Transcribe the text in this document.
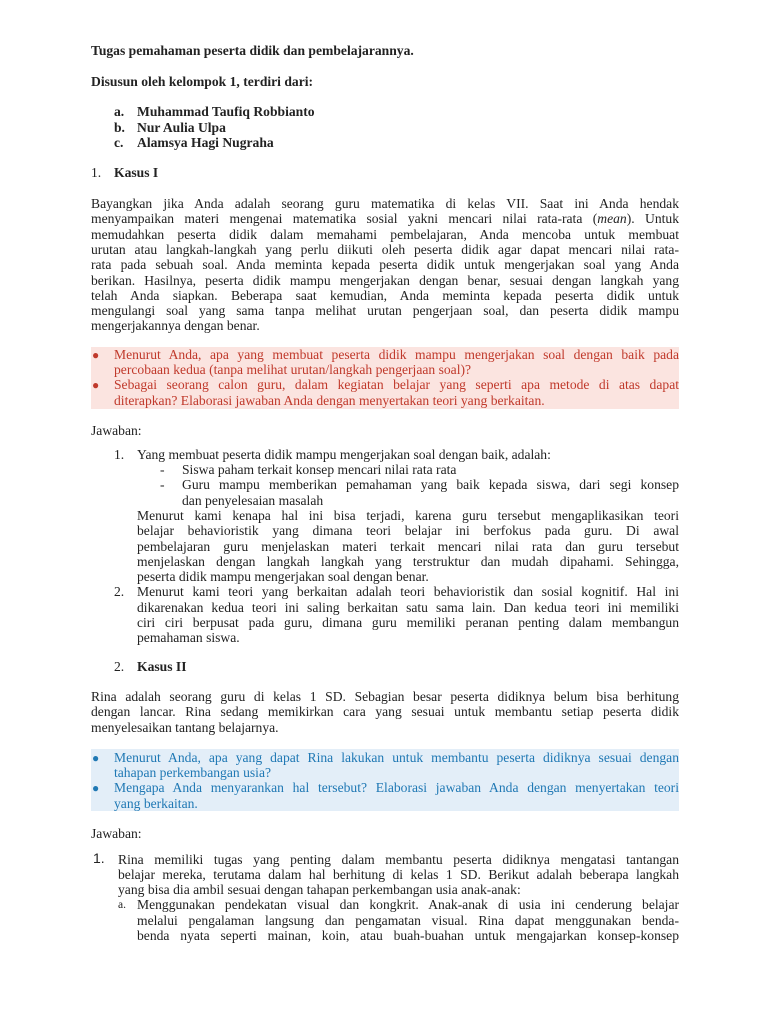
Tugas pemahaman peserta didik dan pembelajarannya.
Disusun oleh kelompok 1, terdiri dari:
a. Muhammad Taufiq Robbianto
b. Nur Aulia Ulpa
c. Alamsya Hagi Nugraha
1. Kasus I
Bayangkan jika Anda adalah seorang guru matematika di kelas VII. Saat ini Anda hendak
menyampaikan materi mengenai matematika sosial yakni mencari nilai rata-rata (mean). Untuk
memudahkan peserta didik dalam memahami pembelajaran, Anda mencoba untuk membuat
urutan atau langkah-langkah yang perlu diikuti oleh peserta didik agar dapat mencari nilai rata-
rata pada sebuah soal. Anda meminta kepada peserta didik untuk mengerjakan soal yang Anda
berikan. Hasilnya, peserta didik mampu mengerjakan dengan benar, sesuai dengan langkah yang
telah Anda siapkan. Beberapa saat kemudian, Anda meminta kepada peserta didik untuk
mengulangi soal yang sama tanpa melihat urutan pengerjaan soal, dan peserta didik mampu
mengerjakannya dengan benar.
● Menurut Anda, apa yang membuat peserta didik mampu mengerjakan soal dengan baik pada
percobaan kedua (tanpa melihat urutan/langkah pengerjaan soal)?
● Sebagai seorang calon guru, dalam kegiatan belajar yang seperti apa metode di atas dapat
diterapkan? Elaborasi jawaban Anda dengan menyertakan teori yang berkaitan.
Jawaban:
1. Yang membuat peserta didik mampu mengerjakan soal dengan baik, adalah:
- Siswa paham terkait konsep mencari nilai rata rata
- Guru mampu memberikan pemahaman yang baik kepada siswa, dari segi konsep
dan penyelesaian masalah
Menurut kami kenapa hal ini bisa terjadi, karena guru tersebut mengaplikasikan teori
belajar behavioristik yang dimana teori belajar ini berfokus pada guru. Di awal
pembelajaran guru menjelaskan materi terkait mencari nilai rata dan guru tersebut
menjelaskan dengan langkah langkah yang terstruktur dan mudah dipahami. Sehingga,
peserta didik mampu mengerjakan soal dengan benar.
2. Menurut kami teori yang berkaitan adalah teori behavioristik dan sosial kognitif. Hal ini
dikarenakan kedua teori ini saling berkaitan satu sama lain. Dan kedua teori ini memiliki
ciri ciri berpusat pada guru, dimana guru memiliki peranan penting dalam membangun
pemahaman siswa.
2. Kasus II
Rina adalah seorang guru di kelas 1 SD. Sebagian besar peserta didiknya belum bisa berhitung
dengan lancar. Rina sedang memikirkan cara yang sesuai untuk membantu setiap peserta didik
menyelesaikan tantang belajarnya.
● Menurut Anda, apa yang dapat Rina lakukan untuk membantu peserta didiknya sesuai dengan
tahapan perkembangan usia?
● Mengapa Anda menyarankan hal tersebut? Elaborasi jawaban Anda dengan menyertakan teori
yang berkaitan.
Jawaban:
1. Rina memiliki tugas yang penting dalam membantu peserta didiknya mengatasi tantangan
belajar mereka, terutama dalam hal berhitung di kelas 1 SD. Berikut adalah beberapa langkah
yang bisa dia ambil sesuai dengan tahapan perkembangan usia anak-anak:
a. Menggunakan pendekatan visual dan kongkrit. Anak-anak di usia ini cenderung belajar
melalui pengalaman langsung dan pengamatan visual. Rina dapat menggunakan benda-
benda nyata seperti mainan, koin, atau buah-buahan untuk mengajarkan konsep-konsep
